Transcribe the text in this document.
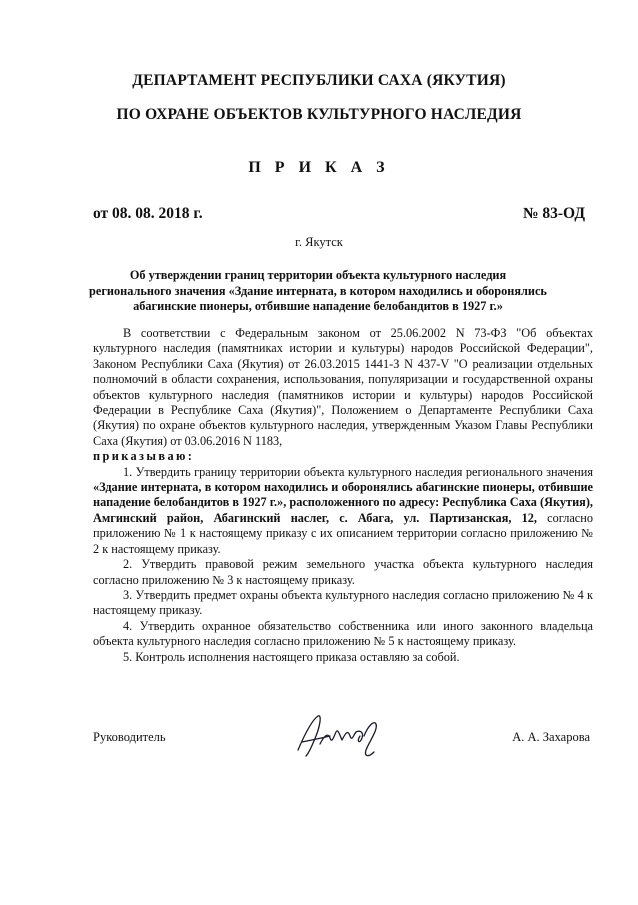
ДЕПАРТАМЕНТ РЕСПУБЛИКИ САХА (ЯКУТИЯ)
ПО ОХРАНЕ ОБЪЕКТОВ КУЛЬТУРНОГО НАСЛЕДИЯ
П Р И К А З
от 08. 08. 2018 г.	№ 83-ОД
г. Якутск
Об утверждении границ территории объекта культурного наследия регионального значения «Здание интерната, в котором находились и оборонялись абагинские пионеры, отбившие нападение белобандитов в 1927 г.»

В соответствии с Федеральным законом от 25.06.2002 N 73-ФЗ "Об объектах культурного наследия (памятниках истории и культуры) народов Российской Федерации", Законом Республики Саха (Якутия) от 26.03.2015 1441-З N 437-V "О реализации отдельных полномочий в области сохранения, использования, популяризации и государственной охраны объектов культурного наследия (памятников истории и культуры) народов Российской Федерации в Республике Саха (Якутия)", Положением о Департаменте Республики Саха (Якутия) по охране объектов культурного наследия, утвержденным Указом Главы Республики Саха (Якутия) от 03.06.2016 N 1183,

приказываю:

1. Утвердить границу территории объекта культурного наследия регионального значения «Здание интерната, в котором находились и оборонялись абагинские пионеры, отбившие нападение белобандитов в 1927 г.», расположенного по адресу: Республика Саха (Якутия), Амгинский район, Абагинский наслег, с. Абага, ул. Партизанская, 12, согласно приложению № 1 к настоящему приказу с их описанием территории согласно приложению № 2 к настоящему приказу.

2. Утвердить правовой режим земельного участка объекта культурного наследия согласно приложению № 3 к настоящему приказу.

3. Утвердить предмет охраны объекта культурного наследия согласно приложению № 4 к настоящему приказу.

4. Утвердить охранное обязательство собственника или иного законного владельца объекта культурного наследия согласно приложению № 5 к настоящему приказу.

5. Контроль исполнения настоящего приказа оставляю за собой.

Руководитель	А. А. Захарова
